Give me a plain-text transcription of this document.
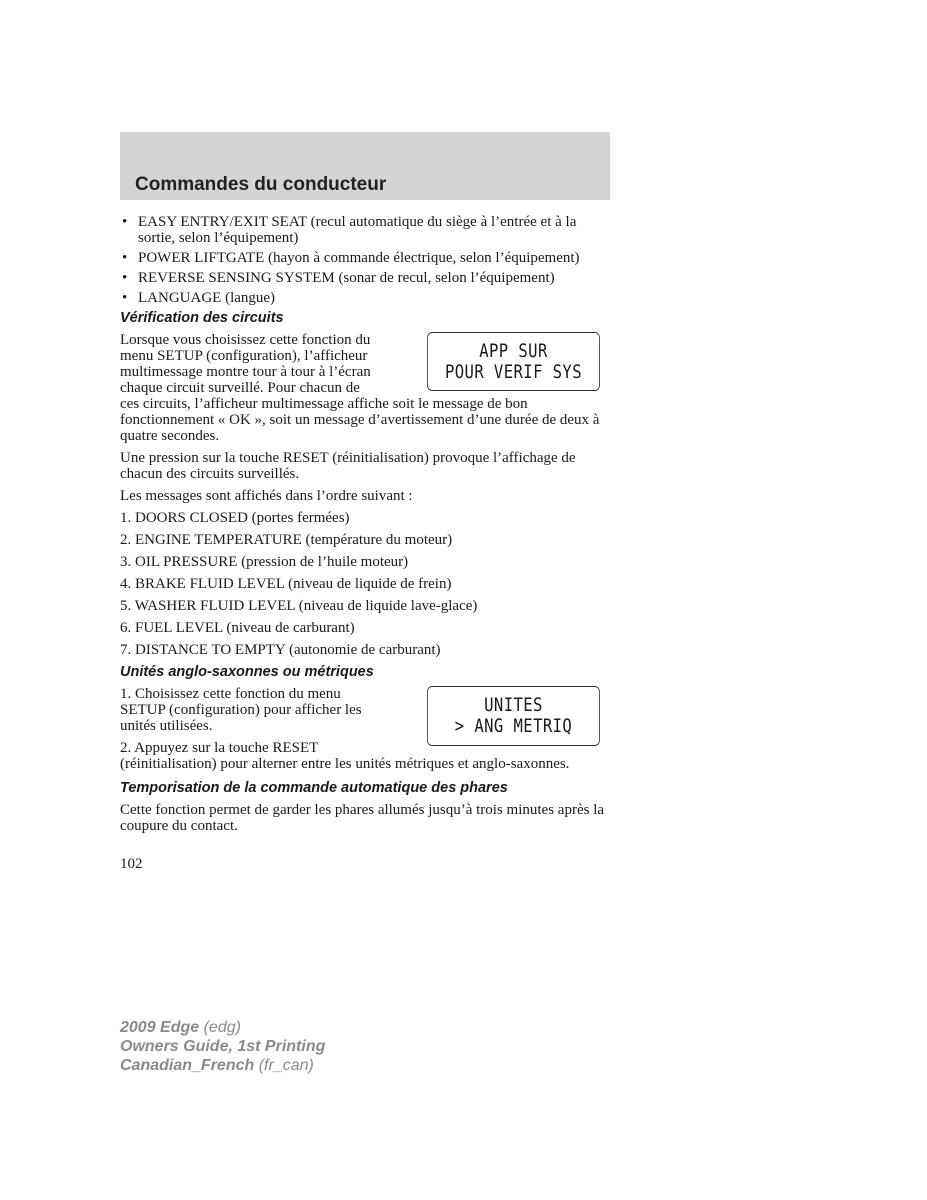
Commandes du conducteur
• EASY ENTRY/EXIT SEAT (recul automatique du siège à l’entrée et à la sortie, selon l’équipement)
• POWER LIFTGATE (hayon à commande électrique, selon l’équipement)
• REVERSE SENSING SYSTEM (sonar de recul, selon l’équipement)
• LANGUAGE (langue)
Vérification des circuits
APP SUR
POUR VERIF SYS

Lorsque vous choisissez cette fonction du menu SETUP (configuration), l’afficheur multimessage montre tour à tour à l’écran chaque circuit surveillé. Pour chacun de ces circuits, l’afficheur multimessage affiche soit le message de bon fonctionnement « OK », soit un message d’avertissement d’une durée de deux à quatre secondes.

Une pression sur la touche RESET (réinitialisation) provoque l’affichage de chacun des circuits surveillés.

Les messages sont affichés dans l’ordre suivant :

1. DOORS CLOSED (portes fermées)
2. ENGINE TEMPERATURE (température du moteur)
3. OIL PRESSURE (pression de l’huile moteur)
4. BRAKE FLUID LEVEL (niveau de liquide de frein)
5. WASHER FLUID LEVEL (niveau de liquide lave-glace)
6. FUEL LEVEL (niveau de carburant)
7. DISTANCE TO EMPTY (autonomie de carburant)
Unités anglo-saxonnes ou métriques
UNITES
> ANG METRIQ

1. Choisissez cette fonction du menu SETUP (configuration) pour afficher les unités utilisées.

2. Appuyez sur la touche RESET (réinitialisation) pour alterner entre les unités métriques et anglo-saxonnes.

Temporisation de la commande automatique des phares

Cette fonction permet de garder les phares allumés jusqu’à trois minutes après la coupure du contact.

102
2009 Edge (edg)
Owners Guide, 1st Printing
Canadian_French (fr_can)
